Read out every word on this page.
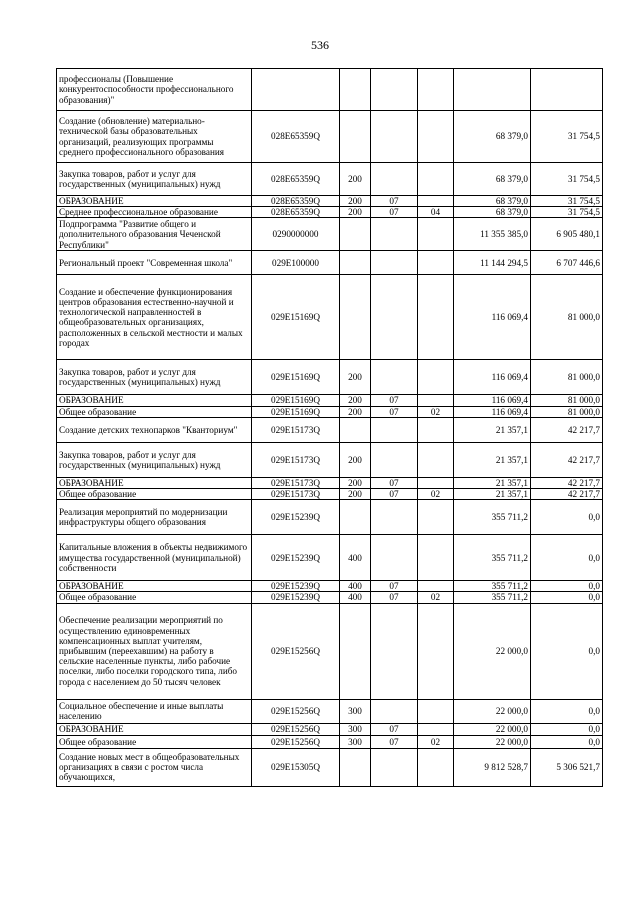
536
профессионалы (Повышение конкурентоспособности профессионального образования)"						
Создание (обновление) материально-технической базы образовательных организаций, реализующих программы среднего профессионального образования	028E65359Q				68 379,0	31 754,5
Закупка товаров, работ и услуг для государственных (муниципальных) нужд	028E65359Q	200			68 379,0	31 754,5
ОБРАЗОВАНИЕ	028E65359Q	200	07		68 379,0	31 754,5
Среднее профессиональное образование	028E65359Q	200	07	04	68 379,0	31 754,5
Подпрограмма "Развитие общего и дополнительного образования Чеченской Республики"	0290000000				11 355 385,0	6 905 480,1
Региональный проект "Современная школа"	029E100000				11 144 294,5	6 707 446,6
Создание и обеспечение функционирования центров образования естественно-научной и технологической направленностей в общеобразовательных организациях, расположенных в сельской местности и малых городах	029E15169Q				116 069,4	81 000,0
Закупка товаров, работ и услуг для государственных (муниципальных) нужд	029E15169Q	200			116 069,4	81 000,0
ОБРАЗОВАНИЕ	029E15169Q	200	07		116 069,4	81 000,0
Общее образование	029E15169Q	200	07	02	116 069,4	81 000,0
Создание детских технопарков "Кванториум"	029E15173Q				21 357,1	42 217,7
Закупка товаров, работ и услуг для государственных (муниципальных) нужд	029E15173Q	200			21 357,1	42 217,7
ОБРАЗОВАНИЕ	029E15173Q	200	07		21 357,1	42 217,7
Общее образование	029E15173Q	200	07	02	21 357,1	42 217,7
Реализация мероприятий по модернизации инфраструктуры общего образования	029E15239Q				355 711,2	0,0
Капитальные вложения в объекты недвижимого имущества государственной (муниципальной) собственности	029E15239Q	400			355 711,2	0,0
ОБРАЗОВАНИЕ	029E15239Q	400	07		355 711,2	0,0
Общее образование	029E15239Q	400	07	02	355 711,2	0,0
Обеспечение реализации мероприятий по осуществлению единовременных компенсационных выплат учителям, прибывшим (переехавшим) на работу в сельские населенные пункты, либо рабочие поселки, либо поселки городского типа, либо города с населением до 50 тысяч человек	029E15256Q				22 000,0	0,0
Социальное обеспечение и иные выплаты населению	029E15256Q	300			22 000,0	0,0
ОБРАЗОВАНИЕ	029E15256Q	300	07		22 000,0	0,0
Общее образование	029E15256Q	300	07	02	22 000,0	0,0
Создание новых мест в общеобразовательных организациях в связи с ростом числа обучающихся,	029E15305Q				9 812 528,7	5 306 521,7
